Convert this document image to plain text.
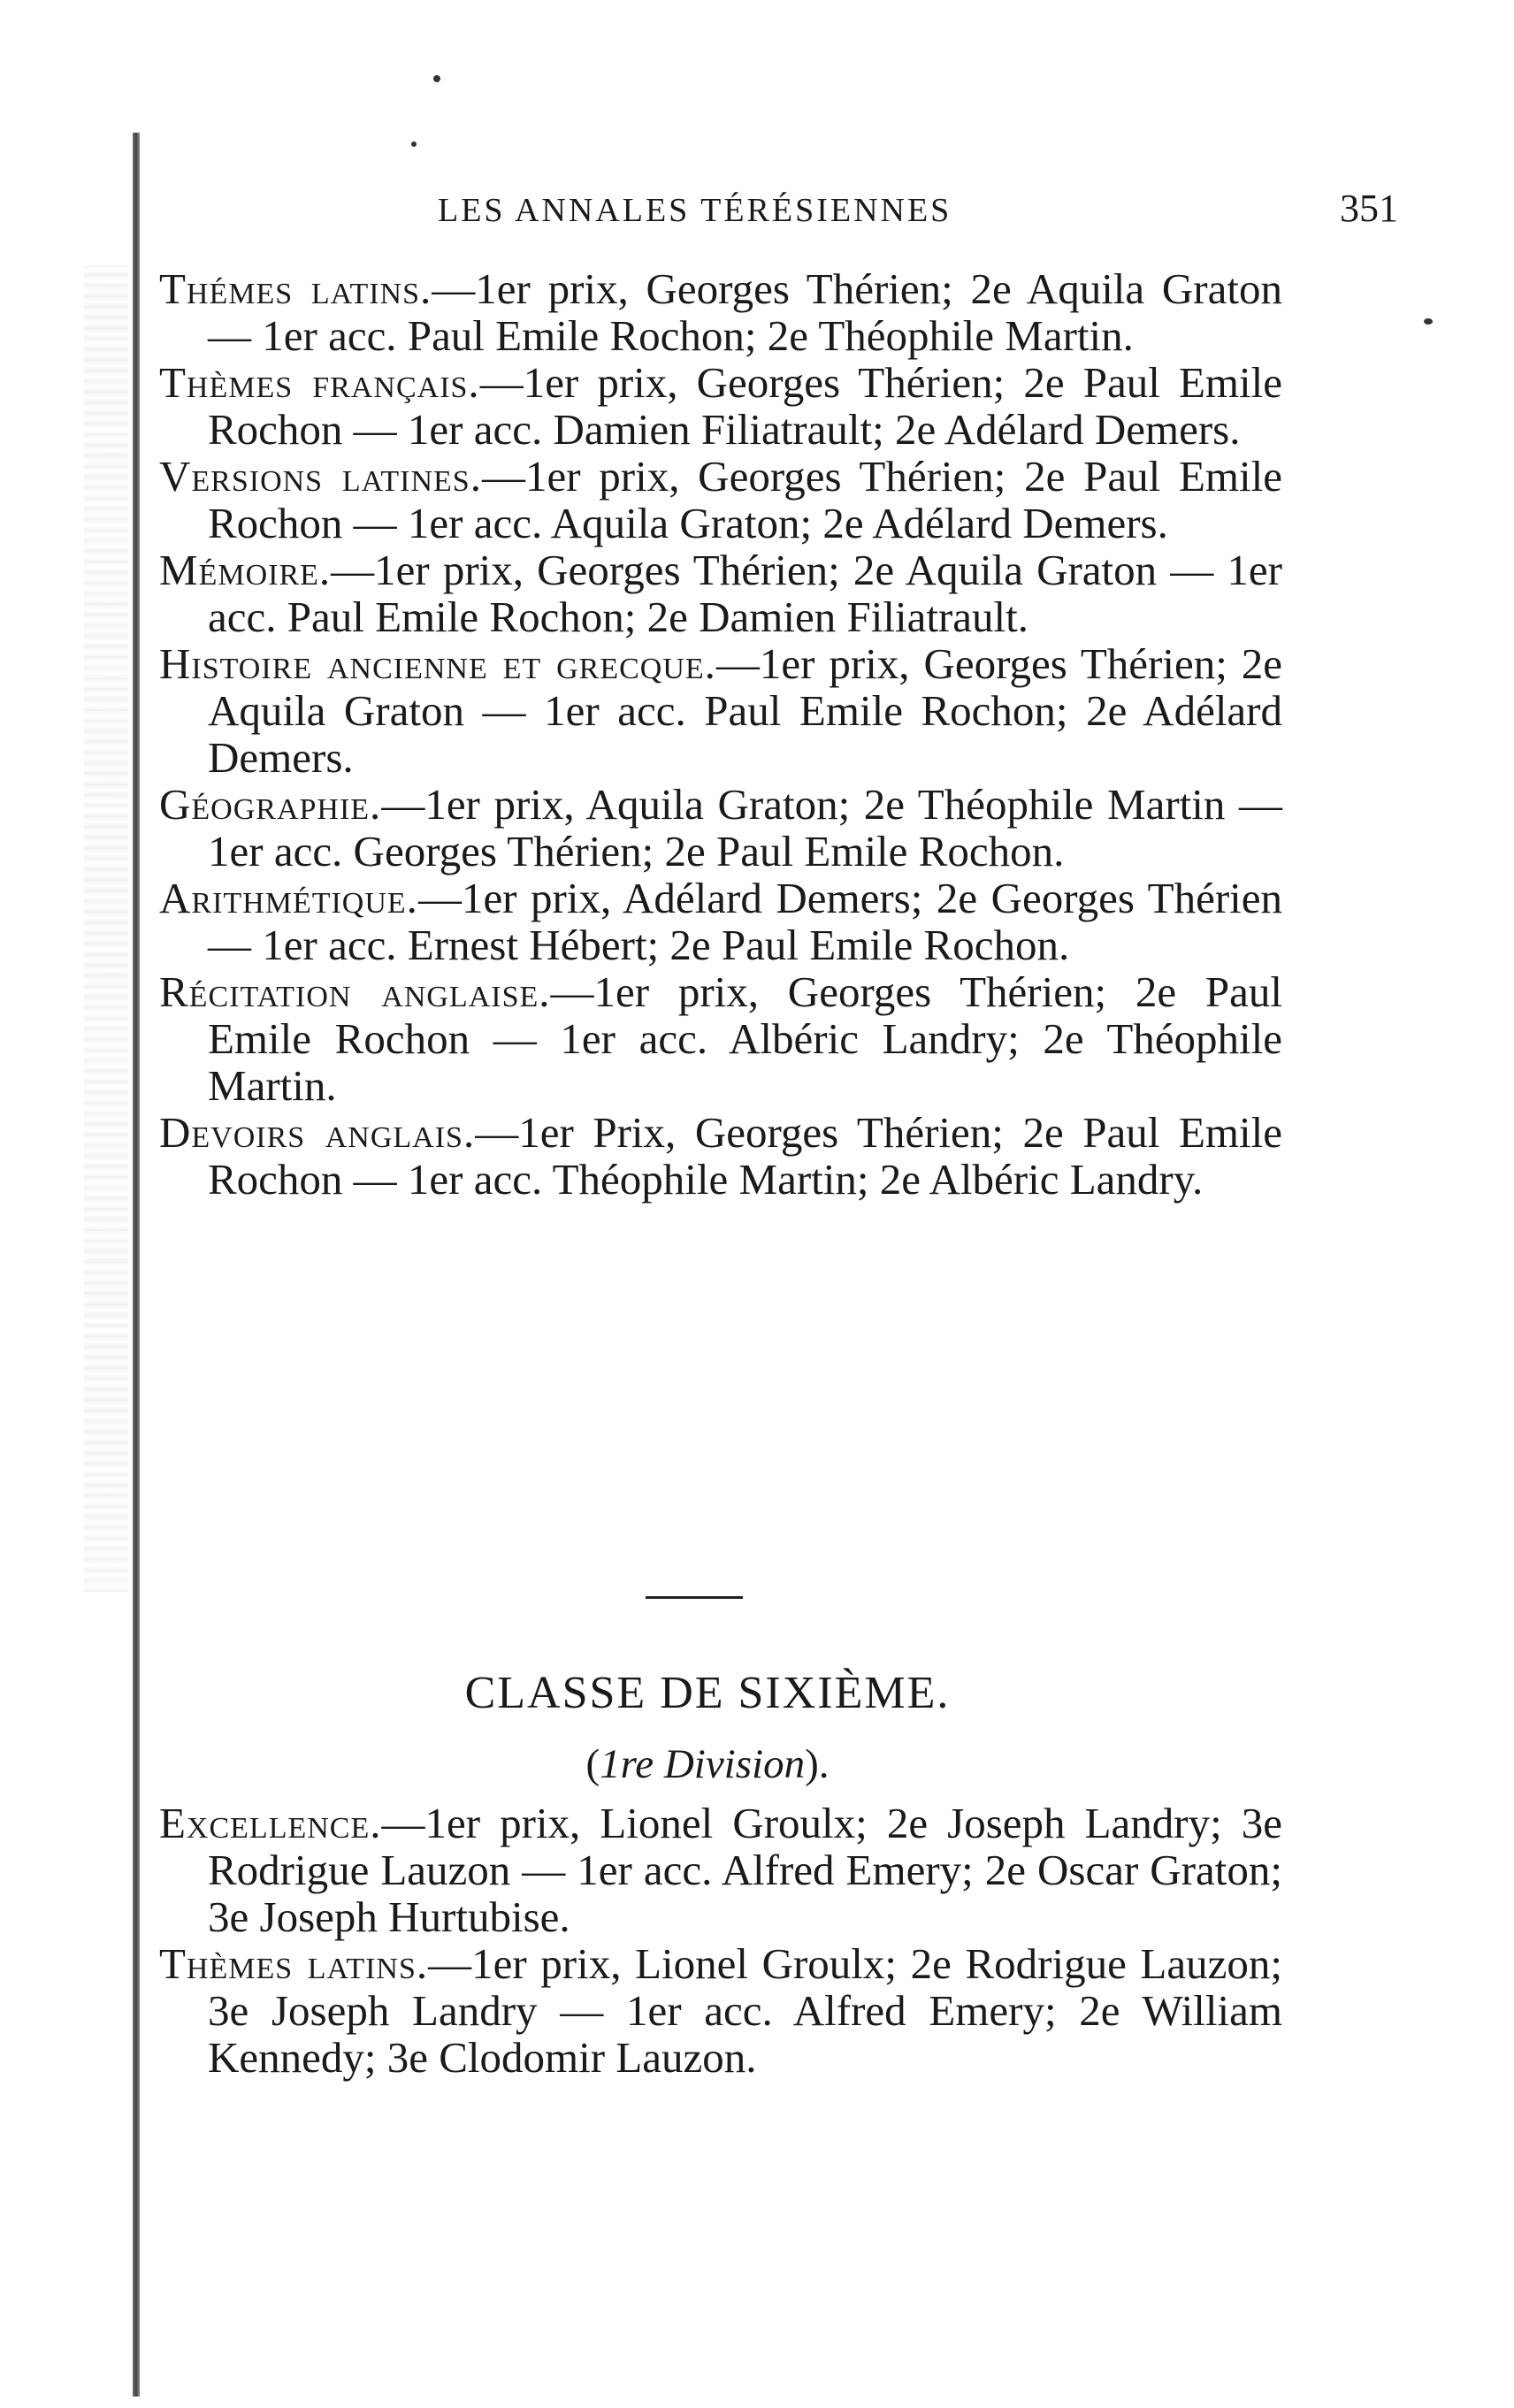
LES ANNALES TÉRÉSIENNES	351

Thémes latins.—1er prix, Georges Thérien; 2e Aquila Graton — 1er acc. Paul Emile Rochon; 2e Théophile Martin.

Thèmes français.—1er prix, Georges Thérien; 2e Paul Emile Rochon — 1er acc. Damien Filiatrault; 2e Adélard Demers.

Versions latines.—1er prix, Georges Thérien; 2e Paul Emile Rochon — 1er acc. Aquila Graton; 2e Adélard Demers.

Mémoire.—1er prix, Georges Thérien; 2e Aquila Graton — 1er acc. Paul Emile Rochon; 2e Damien Filiatrault.

Histoire ancienne et grecque.—1er prix, Georges Thérien; 2e Aquila Graton — 1er acc. Paul Emile Rochon; 2e Adélard Demers.

Géographie.—1er prix, Aquila Graton; 2e Théophile Martin — 1er acc. Georges Thérien; 2e Paul Emile Rochon.

Arithmétique.—1er prix, Adélard Demers; 2e Georges Thérien — 1er acc. Ernest Hébert; 2e Paul Emile Rochon.

Récitation anglaise.—1er prix, Georges Thérien; 2e Paul Emile Rochon — 1er acc. Albéric Landry; 2e Théophile Martin.

Devoirs anglais.—1er Prix, Georges Thérien; 2e Paul Emile Rochon — 1er acc. Théophile Martin; 2e Albéric Landry.

CLASSE DE SIXIÈME.
(1re Division).

Excellence.—1er prix, Lionel Groulx; 2e Joseph Landry; 3e Rodrigue Lauzon — 1er acc. Alfred Emery; 2e Oscar Graton; 3e Joseph Hurtubise.

Thèmes latins.—1er prix, Lionel Groulx; 2e Rodrigue Lauzon; 3e Joseph Landry — 1er acc. Alfred Emery; 2e William Kennedy; 3e Clodomir Lauzon.
